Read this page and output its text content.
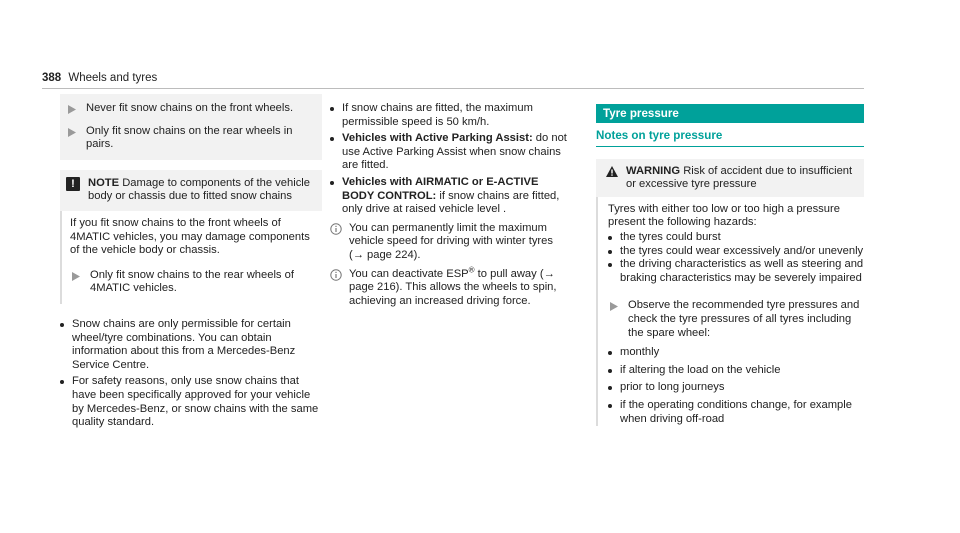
388 Wheels and tyres
Never fit snow chains on the front wheels.
Only fit snow chains on the rear wheels in pairs.
!	NOTE Damage to components of the vehicle body or chassis due to fitted snow chains
If you fit snow chains to the front wheels of 4MATIC vehicles, you may damage components of the vehicle body or chassis.
Only fit snow chains to the rear wheels of 4MATIC vehicles.
Snow chains are only permissible for certain wheel/tyre combinations. You can obtain information about this from a Mercedes-Benz Service Centre.
For safety reasons, only use snow chains that have been specifically approved for your vehicle by Mercedes-Benz, or snow chains with the same quality standard.
If snow chains are fitted, the maximum permissible speed is 50 km/h.
Vehicles with Active Parking Assist: do not use Active Parking Assist when snow chains are fitted.
Vehicles with AIRMATIC or E-ACTIVE BODY CONTROL: if snow chains are fitted, only drive at raised vehicle level .
You can permanently limit the maximum vehicle speed for driving with winter tyres (→ page 224).
You can deactivate ESP® to pull away (→ page 216). This allows the wheels to spin, achieving an increased driving force.
Tyre pressure
Notes on tyre pressure
WARNING Risk of accident due to insufficient or excessive tyre pressure
Tyres with either too low or too high a pressure present the following hazards:
the tyres could burst
the tyres could wear excessively and/or unevenly
the driving characteristics as well as steering and braking characteristics may be severely impaired
Observe the recommended tyre pressures and check the tyre pressures of all tyres including the spare wheel:
monthly
if altering the load on the vehicle
prior to long journeys
if the operating conditions change, for example when driving off-road
